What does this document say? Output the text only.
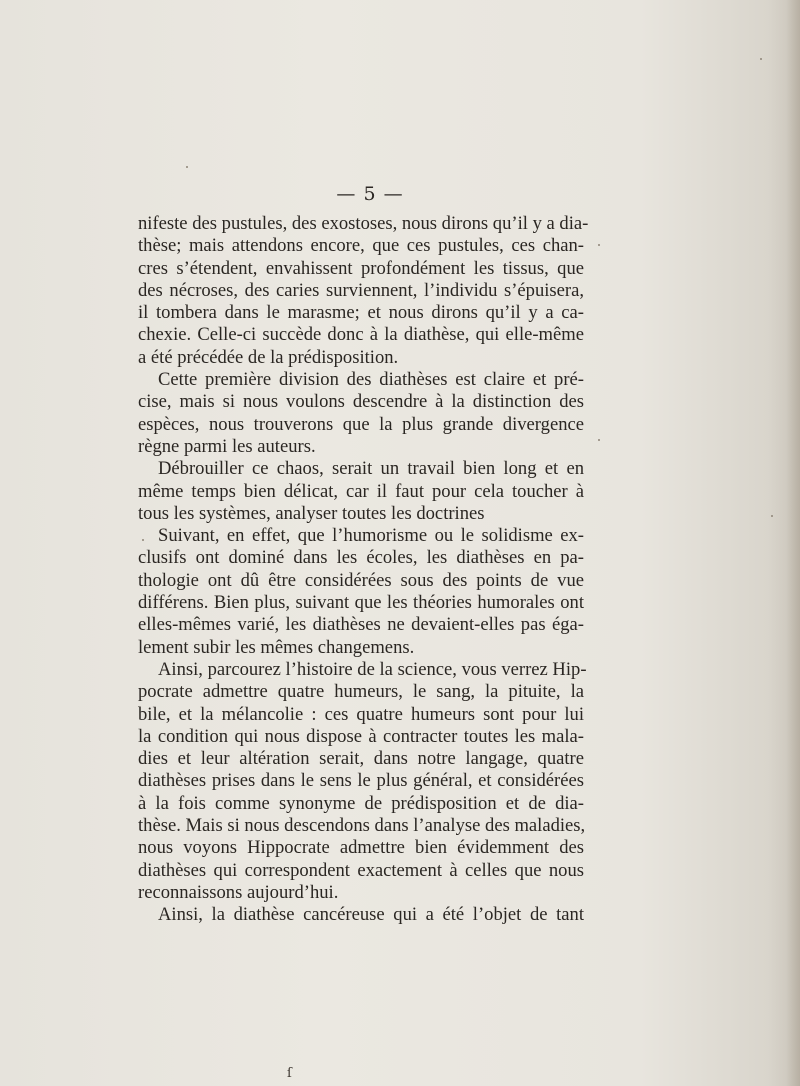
— 5 —
nifeste des pustules, des exostoses, nous dirons qu’il y a dia-
thèse; mais attendons encore, que ces pustules, ces chan-
cres s’étendent, envahissent profondément les tissus, que
des nécroses, des caries surviennent, l’individu s’épuisera,
il tombera dans le marasme; et nous dirons qu’il y a ca-
chexie. Celle-ci succède donc à la diathèse, qui elle-même
a été précédée de la prédisposition.
Cette première division des diathèses est claire et pré-
cise, mais si nous voulons descendre à la distinction des
espèces, nous trouverons que la plus grande divergence
règne parmi les auteurs.
Débrouiller ce chaos, serait un travail bien long et en
même temps bien délicat, car il faut pour cela toucher à
tous les systèmes, analyser toutes les doctrines
Suivant, en effet, que l’humorisme ou le solidisme ex-
clusifs ont dominé dans les écoles, les diathèses en pa-
thologie ont dû être considérées sous des points de vue
différens. Bien plus, suivant que les théories humorales ont
elles-mêmes varié, les diathèses ne devaient-elles pas éga-
lement subir les mêmes changemens.
Ainsi, parcourez l’histoire de la science, vous verrez Hip-
pocrate admettre quatre humeurs, le sang, la pituite, la
bile, et la mélancolie : ces quatre humeurs sont pour lui
la condition qui nous dispose à contracter toutes les mala-
dies et leur altération serait, dans notre langage, quatre
diathèses prises dans le sens le plus général, et considérées
à la fois comme synonyme de prédisposition et de dia-
thèse. Mais si nous descendons dans l’analyse des maladies,
nous voyons Hippocrate admettre bien évidemment des
diathèses qui correspondent exactement à celles que nous
reconnaissons aujourd’hui.
Ainsi, la diathèse cancéreuse qui a été l’objet de tant
ſ
